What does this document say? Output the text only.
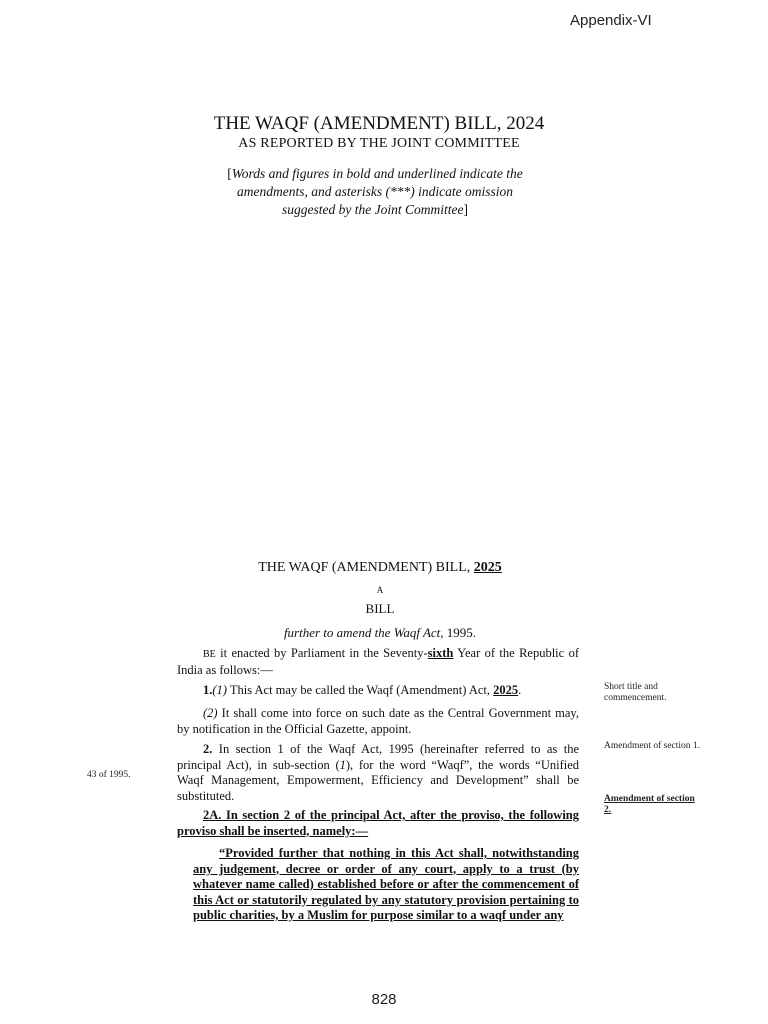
Appendix-VI
THE WAQF (AMENDMENT) BILL, 2024
AS REPORTED BY THE JOINT COMMITTEE
[Words and figures in bold and underlined indicate the amendments, and asterisks (***) indicate omission suggested by the Joint Committee]
THE WAQF (AMENDMENT) BILL, 2025
A
BILL
further to amend the Waqf Act, 1995.
BE it enacted by Parliament in the Seventy-sixth Year of the Republic of India as follows:—
1.(1) This Act may be called the Waqf (Amendment) Act, 2025.
(2) It shall come into force on such date as the Central Government may, by notification in the Official Gazette, appoint.
2. In section 1 of the Waqf Act, 1995 (hereinafter referred to as the principal Act), in sub-section (1), for the word “Waqf”, the words “Unified Waqf Management, Empowerment, Efficiency and Development” shall be substituted.
2A. In section 2 of the principal Act, after the proviso, the following proviso shall be inserted, namely:—
“Provided further that nothing in this Act shall, notwithstanding any judgement, decree or order of any court, apply to a trust (by whatever name called) established before or after the commencement of this Act or statutorily regulated by any statutory provision pertaining to public charities, by a Muslim for purpose similar to a waqf under any
Short title and commencement.
Amendment of section 1.
Amendment of section 2.
43 of 1995.
828
